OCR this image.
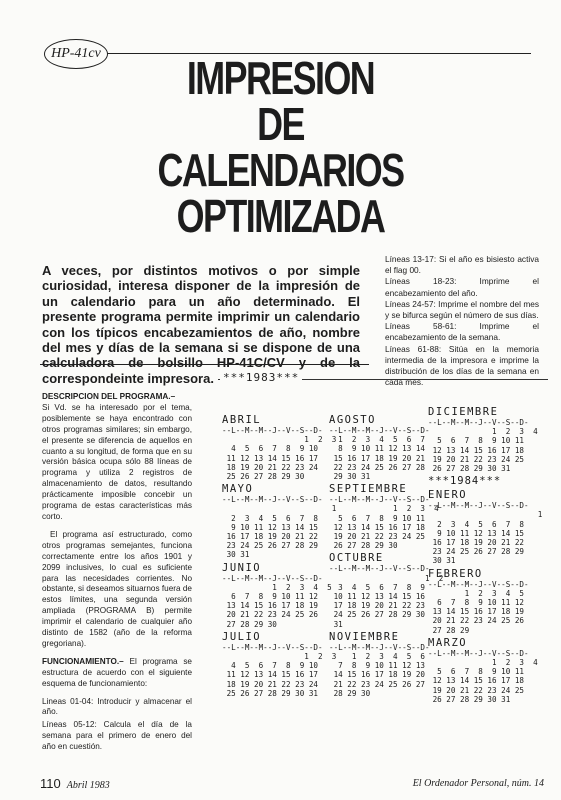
HP-41cv	IMPRESION
DE
CALENDARIOS
OPTIMIZADA
A veces, por distintos motivos o por simple curiosidad, interesa disponer de la impresión de un calendario para un año determinado. El presente programa permite imprimir un calendario con los típicos encabezamientos de año, nombre del mes y días de la semana si se dispone de una calculadora de bolsillo HP-41C/CV y de la correspondeinte impresora.

Líneas 13-17: Si el año es bisiesto activa el flag 00.

Líneas 18-23: Imprime el encabezamiento del año.

Líneas 24-57: Imprime el nombre del mes y se bifurca según el número de sus días.

Líneas 58-61: Imprime el encabezamiento de la semana.

Líneas 61-88: Sitúa en la memoria intermedia de la impresora e imprime la distribución de los días de la semana en cada mes.

DESCRIPCION DEL PROGRAMA.–
Si Vd. se ha interesado por el tema, posiblemente se haya encontrado con otros programas similares; sin embargo, el presente se diferencia de aquellos en cuanto a su longitud, de forma que en su versión básica ocupa sólo 88 líneas de programa y utiliza 2 registros de almacenamiento de datos, resultando prácticamente imposible concebir un programa de estas características más corto.

El programa así estructurado, como otros programas semejantes, funciona correctamente entre los años 1901 y 2099 inclusives, lo cual es suficiente para las necesidades corrientes. No obstante, si deseamos situarnos fuera de estos límites, una segunda versión ampliada (PROGRAMA B) permite imprimir el calendario de cualquier año distinto de 1582 (año de la reforma gregoriana).

FUNCIONAMIENTO.– El programa se estructura de acuerdo con el siguiente esquema de funcionamiento:

Lineas 01-04: Introducir y almacenar el año.

Líneas 05-12: Calcula el día de la semana para el primero de enero del año en cuestión.

***1983***
ABRIL
--L--M--M--J--V--S--D-
1  2  3
4  5  6  7  8  9 10
11 12 13 14 15 16 17
18 19 20 21 22 23 24
25 26 27 28 29 30
MAYO
--L--M--M--J--V--S--D-
1
2  3  4  5  6  7  8
9 10 11 12 13 14 15
16 17 18 19 20 21 22
23 24 25 26 27 28 29
30 31
JUNIO
--L--M--M--J--V--S--D-
1  2  3  4  5
6  7  8  9 10 11 12
13 14 15 16 17 18 19
20 21 22 23 24 25 26
27 28 29 30
JULIO
--L--M--M--J--V--S--D-
1  2  3
4  5  6  7  8  9 10
11 12 13 14 15 16 17
18 19 20 21 22 23 24
25 26 27 28 29 30 31
AGOSTO
--L--M--M--J--V--S--D-
1  2  3  4  5  6  7
8  9 10 11 12 13 14
15 16 17 18 19 20 21
22 23 24 25 26 27 28
29 30 31
SEPTIEMBRE
--L--M--M--J--V--S--D-
1  2  3  4
5  6  7  8  9 10 11
12 13 14 15 16 17 18
19 20 21 22 23 24 25
26 27 28 29 30
OCTUBRE
--L--M--M--J--V--S--D-
1  2
3  4  5  6  7  8  9
10 11 12 13 14 15 16
17 18 19 20 21 22 23
24 25 26 27 28 29 30
31
NOVIEMBRE
--L--M--M--J--V--S--D-
1  2  3  4  5  6
7  8  9 10 11 12 13
14 15 16 17 18 19 20
21 22 23 24 25 26 27
28 29 30
DICIEMBRE
--L--M--M--J--V--S--D-
1  2  3  4
5  6  7  8  9 10 11
12 13 14 15 16 17 18
19 20 21 22 23 24 25
26 27 28 29 30 31
***1984***
ENERO
--L--M--M--J--V--S--D-
1
2  3  4  5  6  7  8
9 10 11 12 13 14 15
16 17 18 19 20 21 22
23 24 25 26 27 28 29
30 31
FEBRERO
--L--M--M--J--V--S--D-
1  2  3  4  5
6  7  8  9 10 11 12
13 14 15 16 17 18 19
20 21 22 23 24 25 26
27 28 29
MARZO
--L--M--M--J--V--S--D-
1  2  3  4
5  6  7  8  9 10 11
12 13 14 15 16 17 18
19 20 21 22 23 24 25
26 27 28 29 30 31
110 Abril 1983	El Ordenador Personal, núm. 14
